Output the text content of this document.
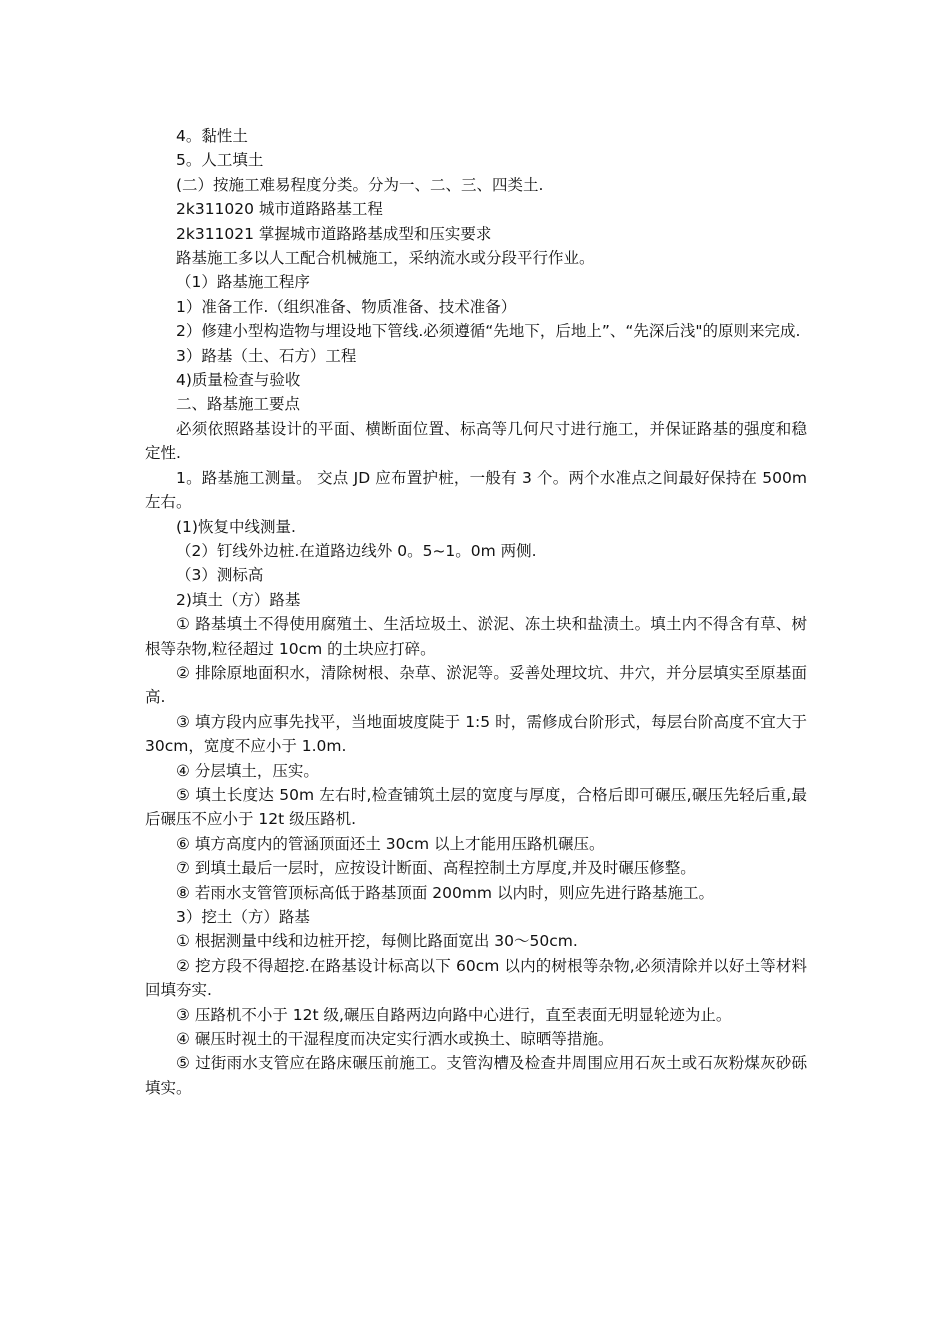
4。黏性土

5。人工填土

(二）按施工难易程度分类。分为一、二、三、四类土.

2k311020 城市道路路基工程

2k311021 掌握城市道路路基成型和压实要求

路基施工多以人工配合机械施工，采纳流水或分段平行作业。

（1）路基施工程序

1）准备工作.（组织准备、物质准备、技术准备）

2）修建小型构造物与埋设地下管线.必须遵循“先地下，后地上”、“先深后浅"的原则来完成.

3）路基（土、石方）工程

4)质量检查与验收

二、路基施工要点

必须依照路基设计的平面、横断面位置、标高等几何尺寸进行施工，并保证路基的强度和稳定性.

1。路基施工测量。 交点 JD 应布置护桩，一般有 3 个。两个水准点之间最好保持在 500m 左右。

(1)恢复中线测量.

（2）钉线外边桩.在道路边线外 0。5~1。0m 两侧.

（3）测标高

2)填土（方）路基

① 路基填土不得使用腐殖土、生活垃圾土、淤泥、冻土块和盐渍土。填土内不得含有草、树根等杂物,粒径超过 10cm 的土块应打碎。

② 排除原地面积水，清除树根、杂草、淤泥等。妥善处理坟坑、井穴，并分层填实至原基面高.

③ 填方段内应事先找平，当地面坡度陡于 1:5 时，需修成台阶形式，每层台阶高度不宜大于 30cm，宽度不应小于 1.0m.

④ 分层填土，压实。

⑤ 填土长度达 50m 左右时,检查铺筑土层的宽度与厚度，合格后即可碾压,碾压先轻后重,最后碾压不应小于 12t 级压路机.

⑥ 填方高度内的管涵顶面还土 30cm 以上才能用压路机碾压。

⑦ 到填土最后一层时，应按设计断面、高程控制土方厚度,并及时碾压修整。

⑧ 若雨水支管管顶标高低于路基顶面 200mm 以内时，则应先进行路基施工。

3）挖土（方）路基

① 根据测量中线和边桩开挖，每侧比路面宽出 30～50cm.

② 挖方段不得超挖.在路基设计标高以下 60cm 以内的树根等杂物,必须清除并以好土等材料回填夯实.

③ 压路机不小于 12t 级,碾压自路两边向路中心进行，直至表面无明显轮迹为止。

④ 碾压时视土的干湿程度而决定实行洒水或换土、晾晒等措施。

⑤ 过街雨水支管应在路床碾压前施工。支管沟槽及检查井周围应用石灰土或石灰粉煤灰砂砾填实。
